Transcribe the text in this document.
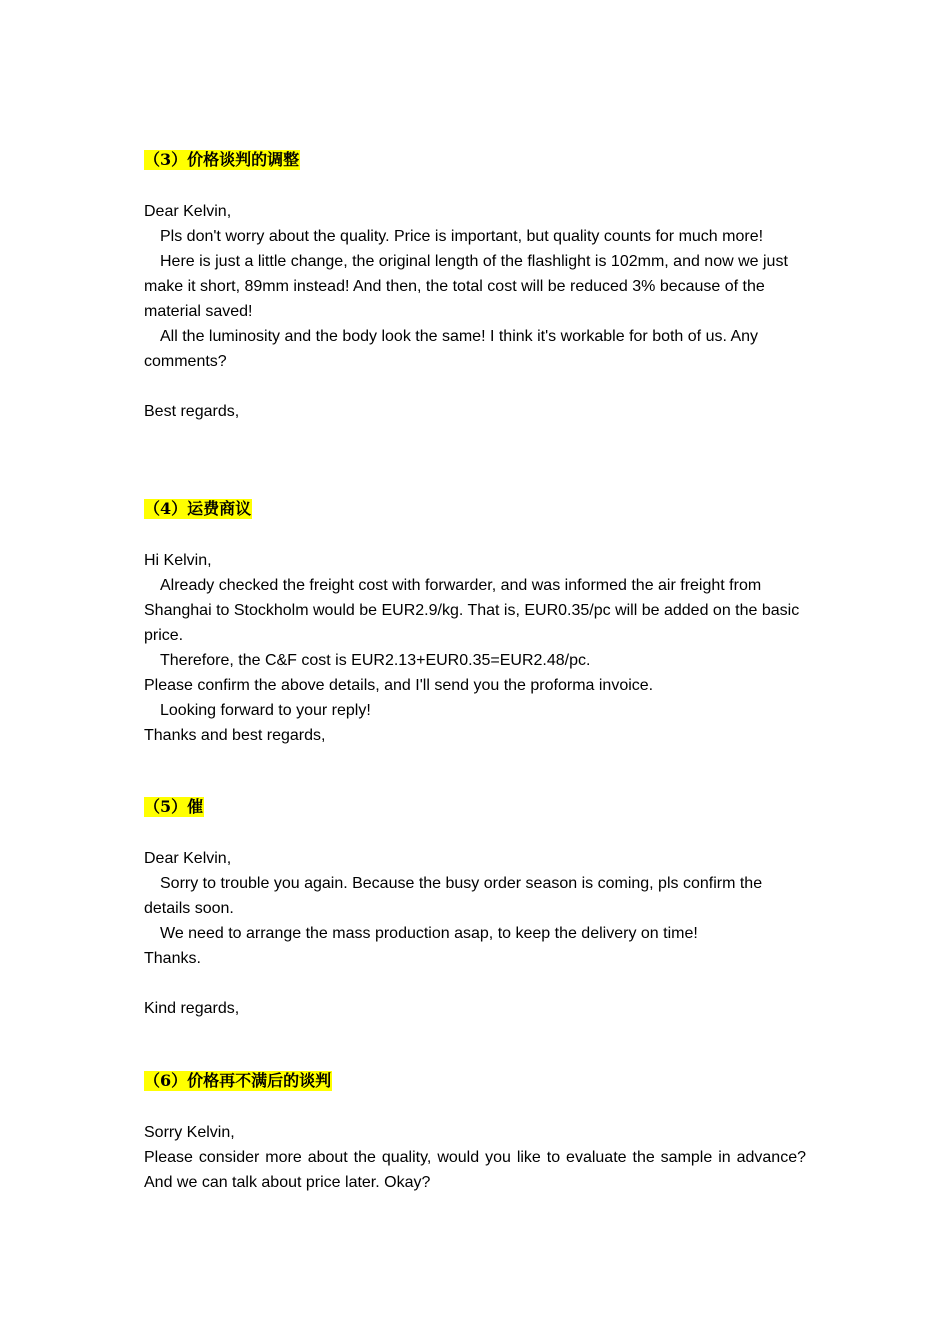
（3）价格谈判的调整
Dear Kelvin,
Pls don't worry about the quality. Price is important, but quality counts for much more!
Here is just a little change, the original length of the flashlight is 102mm, and now we just make it short, 89mm instead! And then, the total cost will be reduced 3% because of the material saved!
All the luminosity and the body look the same! I think it's workable for both of us. Any comments?
Best regards,
（4）运费商议
Hi Kelvin,
Already checked the freight cost with forwarder, and was informed the air freight from Shanghai to Stockholm would be EUR2.9/kg. That is, EUR0.35/pc will be added on the basic price.
Therefore, the C&F cost is EUR2.13+EUR0.35=EUR2.48/pc.
Please confirm the above details, and I'll send you the proforma invoice.
Looking forward to your reply!
Thanks and best regards,
（5）催
Dear Kelvin,
Sorry to trouble you again. Because the busy order season is coming, pls confirm the details soon.
We need to arrange the mass production asap, to keep the delivery on time!
Thanks.
Kind regards,
（6）价格再不满后的谈判
Sorry Kelvin,
Please consider more about the quality, would you like to evaluate the sample in advance? And we can talk about price later. Okay?
